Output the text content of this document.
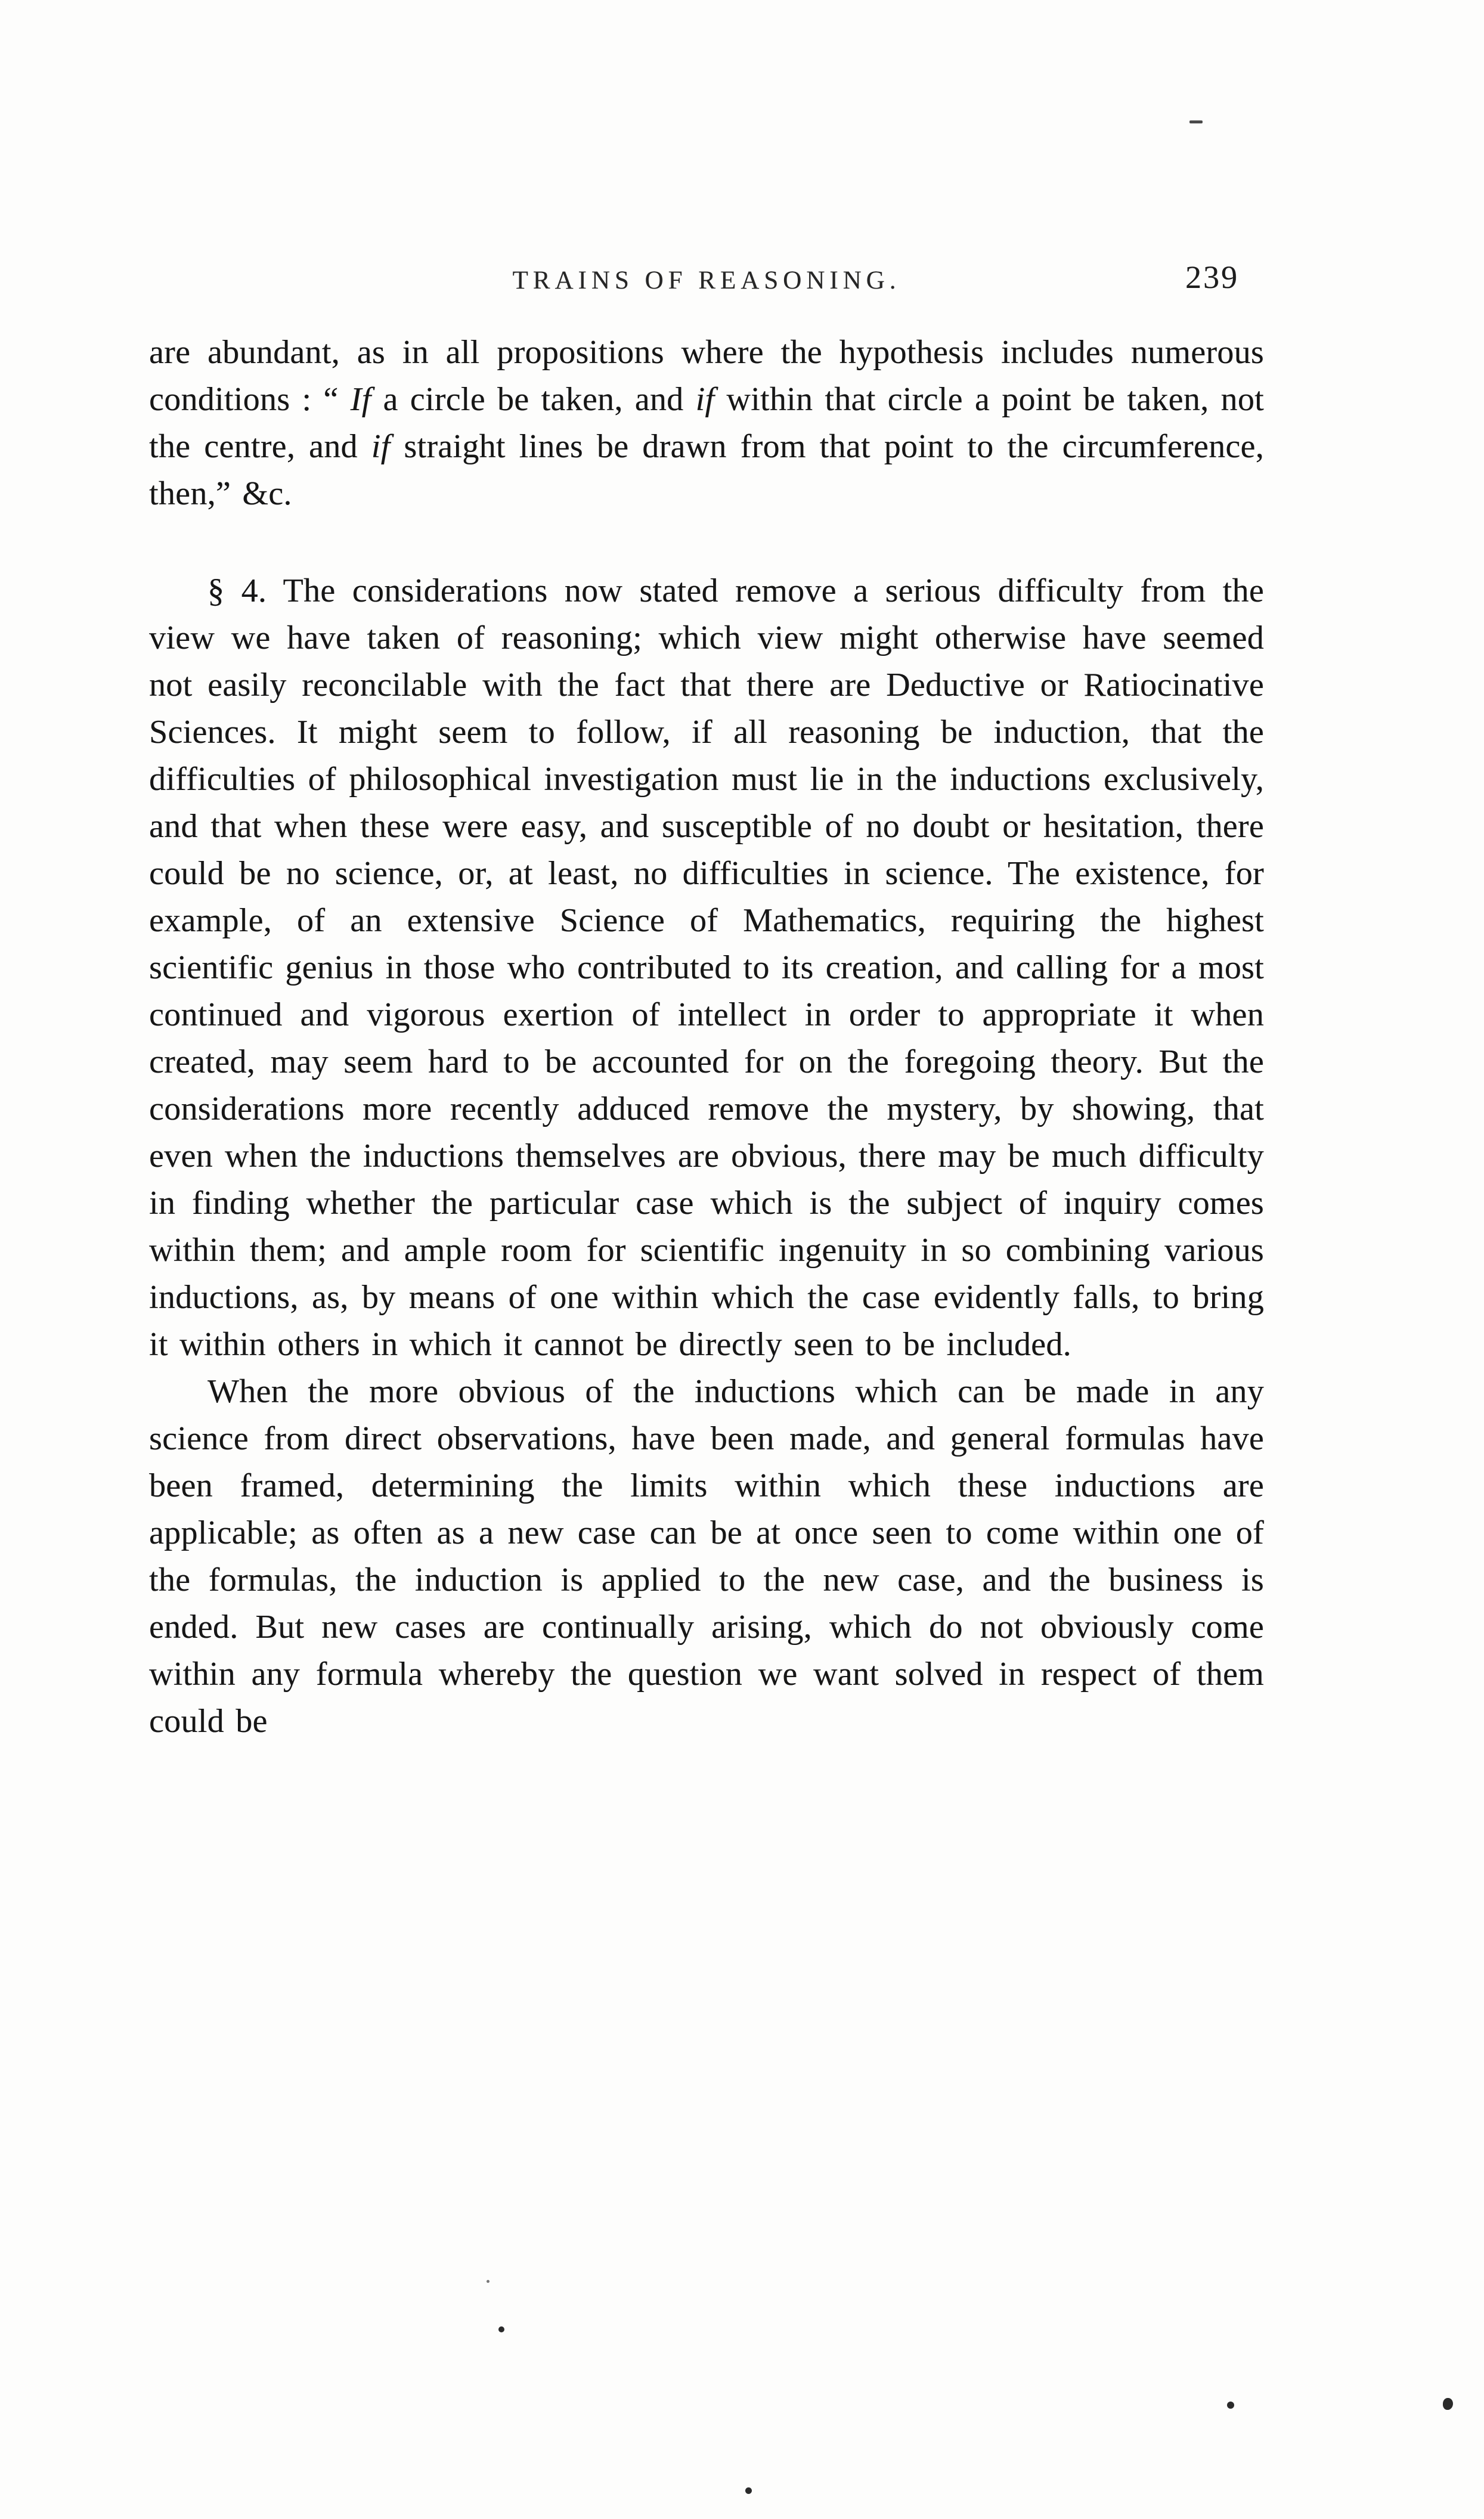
TRAINS OF REASONING.	239

are abundant, as in all propositions where the hypothesis includes numerous conditions : “ If a circle be taken, and if within that circle a point be taken, not the centre, and if straight lines be drawn from that point to the circumference, then,” &c.

§ 4. The considerations now stated remove a serious difficulty from the view we have taken of reasoning; which view might otherwise have seemed not easily reconcilable with the fact that there are Deductive or Ratiocinative Sciences. It might seem to follow, if all reasoning be induction, that the difficulties of philosophical investigation must lie in the inductions exclusively, and that when these were easy, and susceptible of no doubt or hesitation, there could be no science, or, at least, no difficulties in science. The existence, for example, of an extensive Science of Mathematics, requiring the highest scientific genius in those who contributed to its creation, and calling for a most continued and vigorous exertion of intellect in order to appropriate it when created, may seem hard to be accounted for on the foregoing theory. But the considerations more recently adduced remove the mystery, by showing, that even when the inductions themselves are obvious, there may be much difficulty in finding whether the particular case which is the subject of inquiry comes within them; and ample room for scientific ingenuity in so combining various inductions, as, by means of one within which the case evidently falls, to bring it within others in which it cannot be directly seen to be included.

When the more obvious of the inductions which can be made in any science from direct observations, have been made, and general formulas have been framed, determining the limits within which these inductions are applicable; as often as a new case can be at once seen to come within one of the formulas, the induction is applied to the new case, and the business is ended. But new cases are continually arising, which do not obviously come within any formula whereby the question we want solved in respect of them could be
